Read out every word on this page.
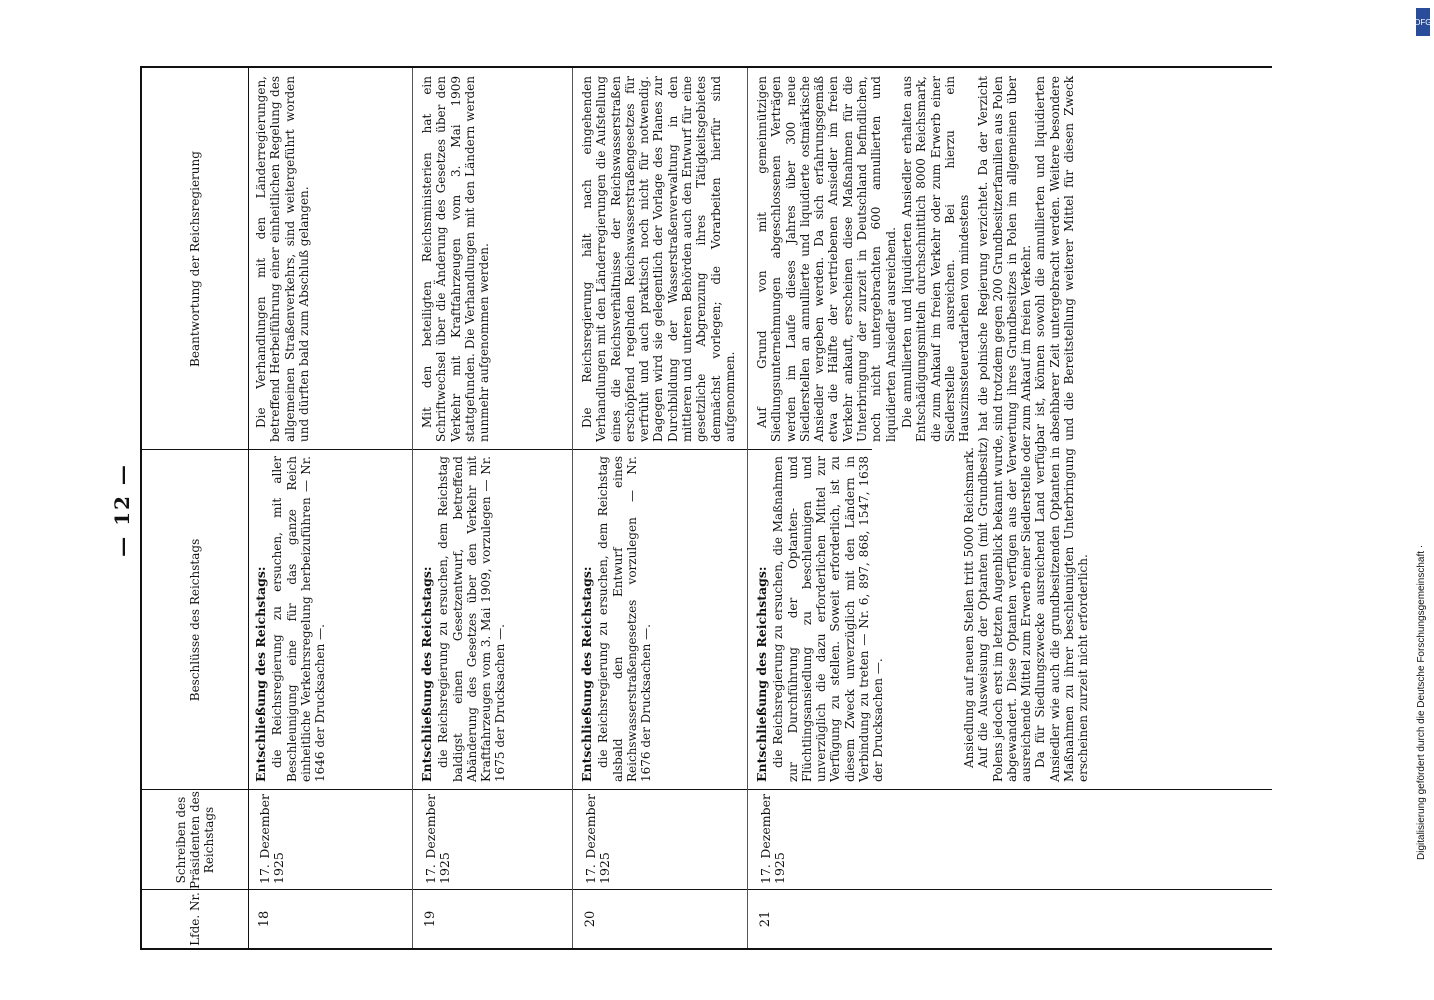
— 12 —
Lfde. Nr.
Schreiben des Präsidenten des Reichstags
Beschlüsse des Reichstags
Beantwortung der Reichsregierung
18
17. Dezember 1925
Entschließung des Reichstags: die Reichsregierung zu ersuchen, mit aller Beschleunigung eine für das ganze Reich einheitliche Verkehrsregelung herbeizuführen — Nr. 1646 der Drucksachen —.

Die Verhandlungen mit den Länderregierungen, betreffend Herbeiführung einer einheitlichen Regelung des allgemeinen Straßenverkehrs, sind weitergeführt worden und dürften bald zum Abschluß gelangen.

19
17. Dezember 1925
Entschließung des Reichstags: die Reichsregierung zu ersuchen, dem Reichstag baldigst einen Gesetzentwurf, betreffend Abänderung des Gesetzes über den Verkehr mit Kraftfahrzeugen vom 3. Mai 1909, vorzulegen — Nr. 1675 der Drucksachen —.

Mit den beteiligten Reichsministerien hat ein Schriftwechsel über die Änderung des Gesetzes über den Verkehr mit Kraftfahrzeugen vom 3. Mai 1909 stattgefunden. Die Verhandlungen mit den Ländern werden nunmehr aufgenommen werden.

20
17. Dezember 1925
Entschließung des Reichstags: die Reichsregierung zu ersuchen, dem Reichstag alsbald den Entwurf eines Reichswasserstraßengesetzes vorzulegen — Nr. 1676 der Drucksachen —.

Die Reichsregierung hält nach eingehenden Verhandlungen mit den Länderregierungen die Aufstellung eines die Reichsverhältnisse der Reichswasserstraßen erschöpfend regelnden Reichswasserstraßengesetzes für verfrüht und auch praktisch noch nicht für notwendig. Dagegen wird sie gelegentlich der Vorlage des Planes zur Durchbildung der Wasserstraßenverwaltung in den mittleren und unteren Behörden auch den Entwurf für eine gesetzliche Abgrenzung ihres Tätigkeitsgebietes demnächst vorlegen; die Vorarbeiten hierfür sind aufgenommen.

21
17. Dezember 1925
Entschließung des Reichstags: die Reichsregierung zu ersuchen, die Maßnahmen zur Durchführung der Optanten- und Flüchtlingsansiedlung zu beschleunigen und unverzüglich die dazu erforderlichen Mittel zur Verfügung zu stellen. Soweit erforderlich, ist zu diesem Zweck unverzüglich mit den Ländern in Verbindung zu treten — Nr. 6, 897, 868, 1547, 1638 der Drucksachen —.

Auf Grund von mit gemeinnützigen Siedlungsunternehmungen abgeschlossenen Verträgen werden im Laufe dieses Jahres über 300 neue Siedlerstellen an annullierte und liquidierte ostmärkische Ansiedler vergeben werden. Da sich erfahrungsgemäß etwa die Hälfte der vertriebenen Ansiedler im freien Verkehr ankauft, erscheinen diese Maßnahmen für die Unterbringung der zurzeit in Deutschland befindlichen, noch nicht untergebrachten 600 annullierten und liquidierten Ansiedler ausreichend. Die annullierten und liquidierten Ansiedler erhalten aus Entschädigungsmitteln durchschnittlich 8000 Reichsmark, die zum Ankauf im freien Verkehr oder zum Erwerb einer Siedlerstelle ausreichen. Bei hierzu ein Hauszinssteuerdarlehen von mindestens

Ansiedlung auf neuen Stellen tritt 5000 Reichsmark. Auf die Ausweisung der Optanten (mit Grundbesitz) hat die polnische Regierung verzichtet. Da der Verzicht Polens jedoch erst im letzten Augenblick bekannt wurde, sind trotzdem gegen 200 Grundbesitzerfamilien aus Polen abgewandert. Diese Optanten verfügen aus der Verwertung ihres Grundbesitzes in Polen im allgemeinen über ausreichende Mittel zum Erwerb einer Siedlerstelle oder zum Ankauf im freien Verkehr. Da für Siedlungszwecke ausreichend Land verfügbar ist, können sowohl die annullierten und liquidierten Ansiedler wie auch die grundbesitzenden Optanten in absehbarer Zeit untergebracht werden. Weitere besondere Maßnahmen zu ihrer beschleunigten Unterbringung und die Bereitstellung weiterer Mittel für diesen Zweck erscheinen zurzeit nicht erforderlich.

DFG
Digitalisierung gefördert durch die Deutsche Forschungsgemeinschaft ·
